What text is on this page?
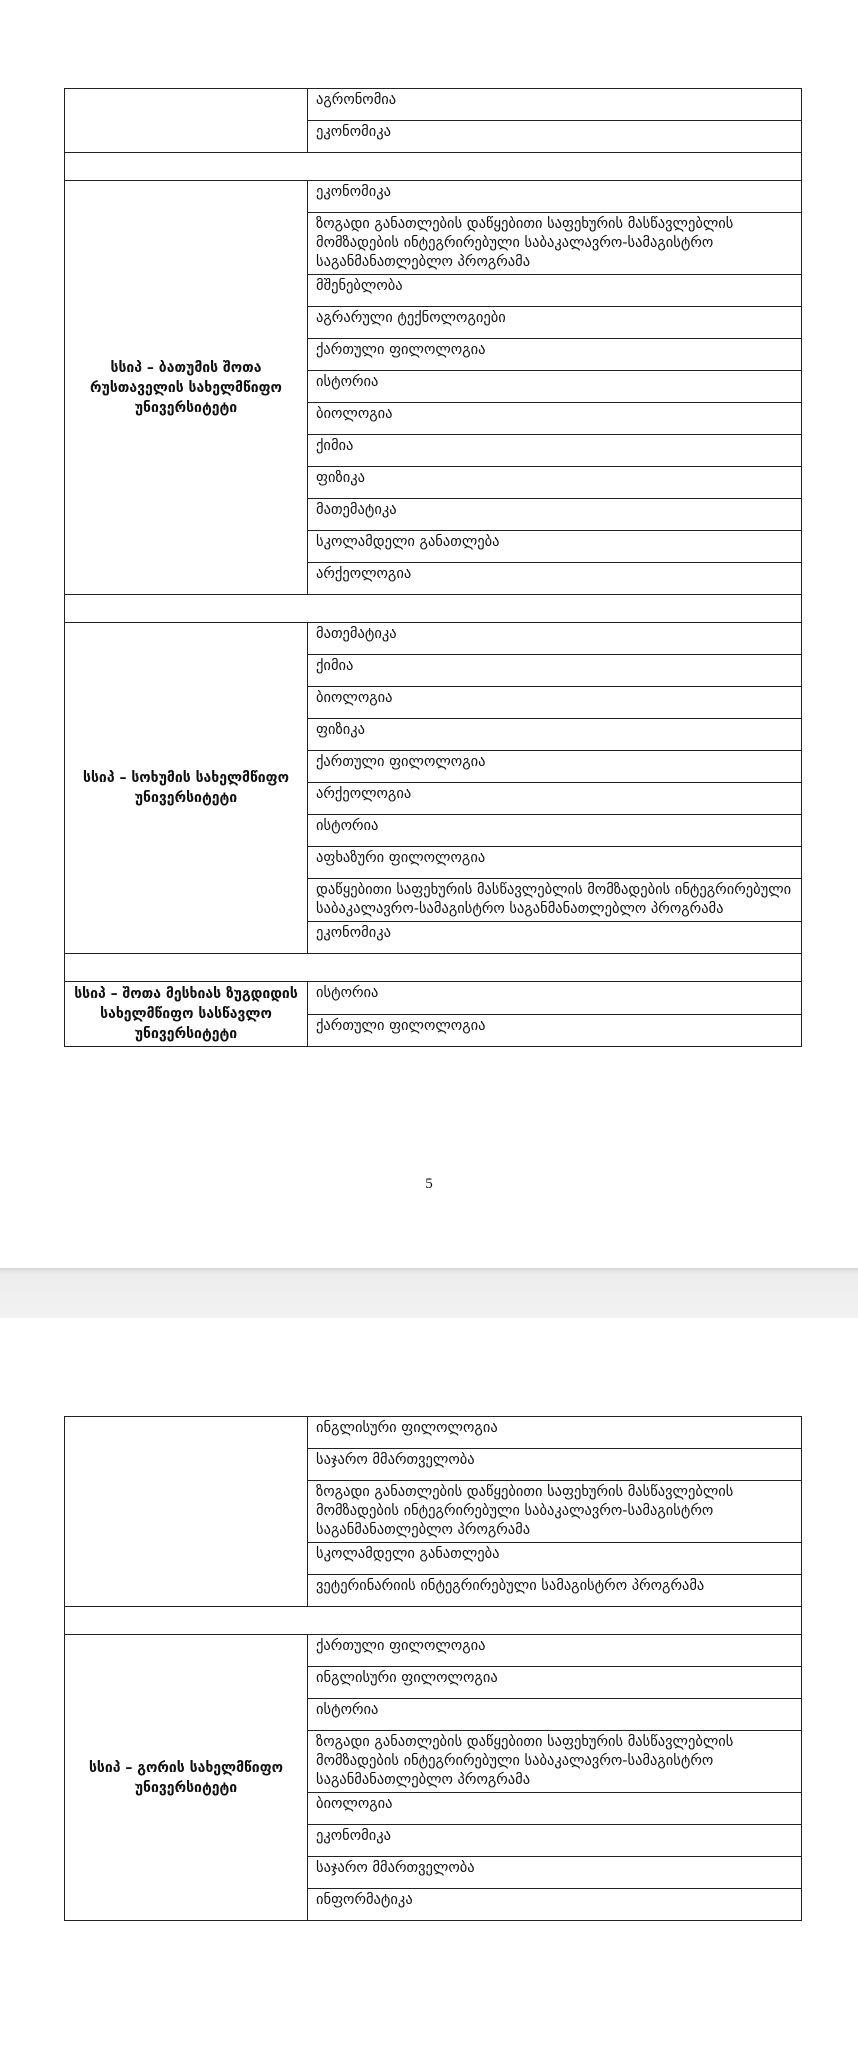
	აგრონომია
	ეკონომიკა

სსიპ – ბათუმის შოთა რუსთაველის სახელმწიფო უნივერსიტეტი	ეკონომიკა
	ზოგადი განათლების დაწყებითი საფეხურის მასწავლებლის მომზადების ინტეგრირებული საბაკალავრო-სამაგისტრო საგანმანათლებლო პროგრამა
	მშენებლობა
	აგრარული ტექნოლოგიები
	ქართული ფილოლოგია
	ისტორია
	ბიოლოგია
	ქიმია
	ფიზიკა
	მათემატიკა
	სკოლამდელი განათლება
	არქეოლოგია

სსიპ – სოხუმის სახელმწიფო უნივერსიტეტი	მათემატიკა
	ქიმია
	ბიოლოგია
	ფიზიკა
	ქართული ფილოლოგია
	არქეოლოგია
	ისტორია
	აფხაზური ფილოლოგია
	დაწყებითი საფეხურის მასწავლებლის მომზადების ინტეგრირებული საბაკალავრო-სამაგისტრო საგანმანათლებლო პროგრამა
	ეკონომიკა

სსიპ – შოთა მესხიას ზუგდიდის სახელმწიფო სასწავლო უნივერსიტეტი	ისტორია
	ქართული ფილოლოგია
5
	ინგლისური ფილოლოგია
	საჯარო მმართველობა
	ზოგადი განათლების დაწყებითი საფეხურის მასწავლებლის მომზადების ინტეგრირებული საბაკალავრო-სამაგისტრო საგანმანათლებლო პროგრამა
	სკოლამდელი განათლება
	ვეტერინარიის ინტეგრირებული სამაგისტრო პროგრამა

სსიპ – გორის სახელმწიფო უნივერსიტეტი	ქართული ფილოლოგია
	ინგლისური ფილოლოგია
	ისტორია
	ზოგადი განათლების დაწყებითი საფეხურის მასწავლებლის მომზადების ინტეგრირებული საბაკალავრო-სამაგისტრო საგანმანათლებლო პროგრამა
	ბიოლოგია
	ეკონომიკა
	საჯარო მმართველობა
	ინფორმატიკა
